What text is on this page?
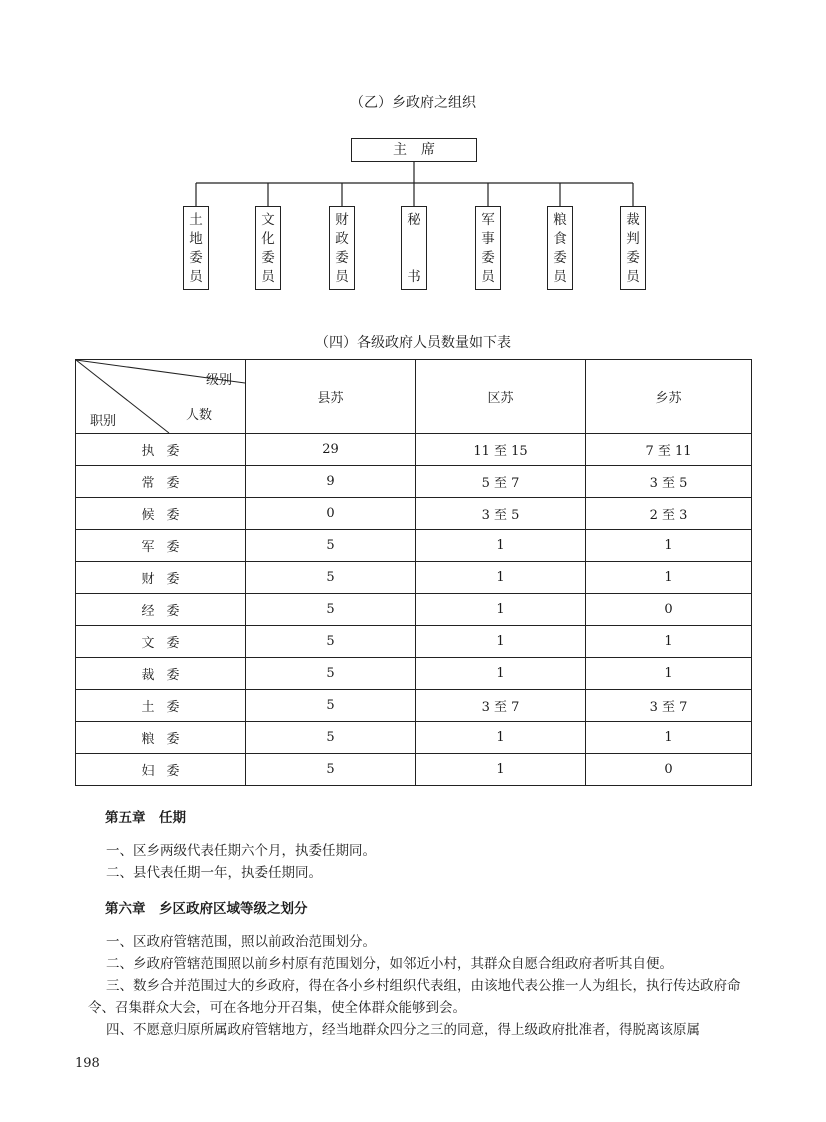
（乙）乡政府之组织
主席
土
地
委
员
文
化
委
员
财
政
委
员
秘
书
军
事
委
员
粮
食
委
员
裁
判
委
员
（四）各级政府人员数量如下表
级别
人数
职别	县苏	区苏	乡苏
执委	29	11 至 15	7 至 11
常委	9	5 至 7	3 至 5
候委	0	3 至 5	2 至 3
军委	5	1	1
财委	5	1	1
经委	5	1	0
文委	5	1	1
裁委	5	1	1
土委	5	3 至 7	3 至 7
粮委	5	1	1
妇委	5	1	0
第五章　任期
一、区乡两级代表任期六个月，执委任期同。
二、县代表任期一年，执委任期同。
第六章　乡区政府区域等级之划分
一、区政府管辖范围，照以前政治范围划分。
二、乡政府管辖范围照以前乡村原有范围划分，如邻近小村，其群众自愿合组政府者听其自便。
三、数乡合并范围过大的乡政府，得在各小乡村组织代表组，由该地代表公推一人为组长，执行传达政府命令、召集群众大会，可在各地分开召集，使全体群众能够到会。
四、不愿意归原所属政府管辖地方，经当地群众四分之三的同意，得上级政府批准者，得脱离该原属
198
